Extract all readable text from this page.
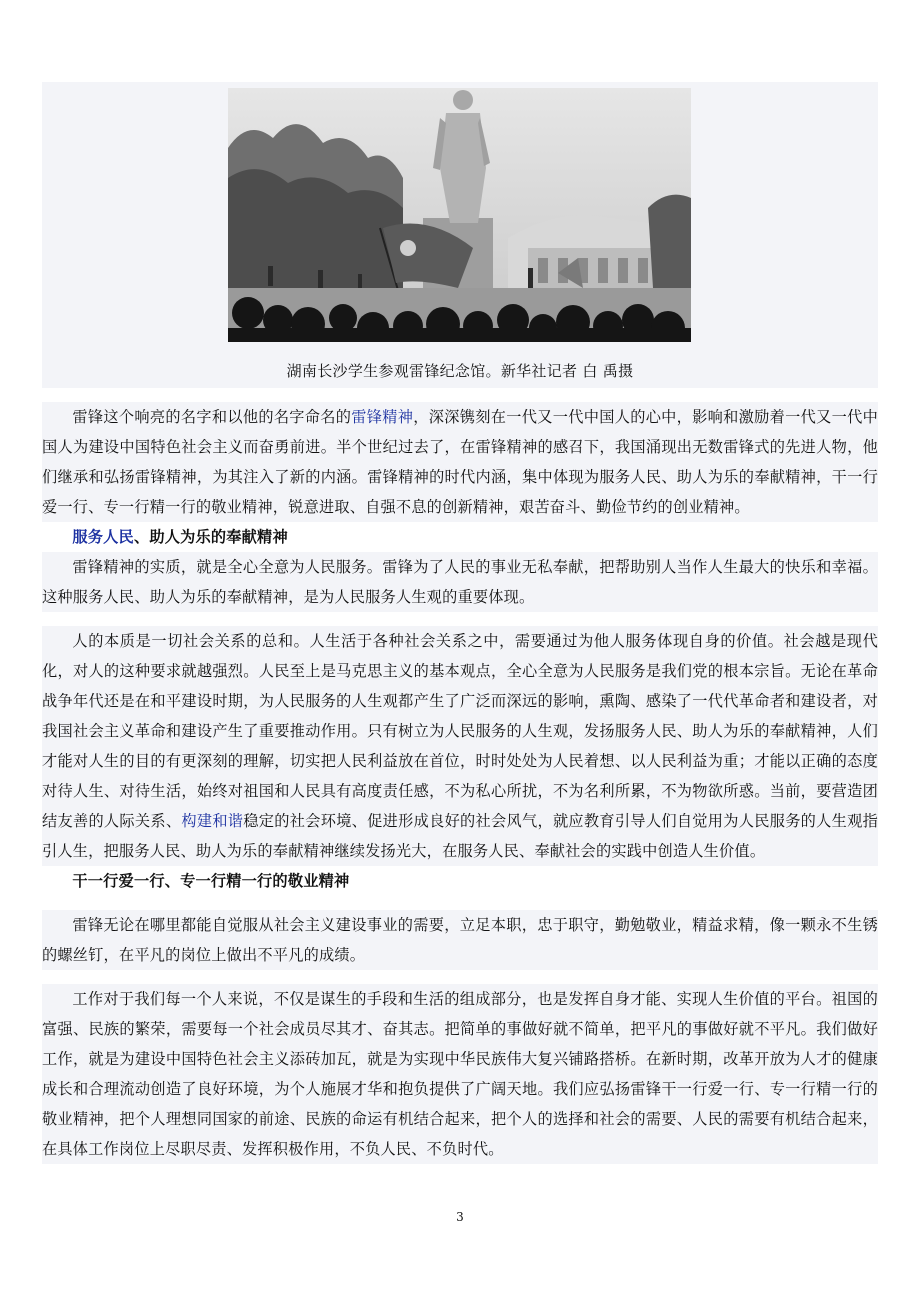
湖南长沙学生参观雷锋纪念馆。新华社记者 白 禹摄

雷锋这个响亮的名字和以他的名字命名的雷锋精神，深深镌刻在一代又一代中国人的心中，影响和激励着一代又一代中国人为建设中国特色社会主义而奋勇前进。半个世纪过去了，在雷锋精神的感召下，我国涌现出无数雷锋式的先进人物，他们继承和弘扬雷锋精神，为其注入了新的内涵。雷锋精神的时代内涵，集中体现为服务人民、助人为乐的奉献精神，干一行爱一行、专一行精一行的敬业精神，锐意进取、自强不息的创新精神，艰苦奋斗、勤俭节约的创业精神。

服务人民、助人为乐的奉献精神

雷锋精神的实质，就是全心全意为人民服务。雷锋为了人民的事业无私奉献，把帮助别人当作人生最大的快乐和幸福。这种服务人民、助人为乐的奉献精神，是为人民服务人生观的重要体现。

人的本质是一切社会关系的总和。人生活于各种社会关系之中，需要通过为他人服务体现自身的价值。社会越是现代化，对人的这种要求就越强烈。人民至上是马克思主义的基本观点，全心全意为人民服务是我们党的根本宗旨。无论在革命战争年代还是在和平建设时期，为人民服务的人生观都产生了广泛而深远的影响，熏陶、感染了一代代革命者和建设者，对我国社会主义革命和建设产生了重要推动作用。只有树立为人民服务的人生观，发扬服务人民、助人为乐的奉献精神，人们才能对人生的目的有更深刻的理解，切实把人民利益放在首位，时时处处为人民着想、以人民利益为重；才能以正确的态度对待人生、对待生活，始终对祖国和人民具有高度责任感，不为私心所扰，不为名利所累，不为物欲所惑。当前，要营造团结友善的人际关系、构建和谐稳定的社会环境、促进形成良好的社会风气，就应教育引导人们自觉用为人民服务的人生观指引人生，把服务人民、助人为乐的奉献精神继续发扬光大，在服务人民、奉献社会的实践中创造人生价值。

干一行爱一行、专一行精一行的敬业精神

雷锋无论在哪里都能自觉服从社会主义建设事业的需要，立足本职，忠于职守，勤勉敬业，精益求精，像一颗永不生锈的螺丝钉，在平凡的岗位上做出不平凡的成绩。

工作对于我们每一个人来说，不仅是谋生的手段和生活的组成部分，也是发挥自身才能、实现人生价值的平台。祖国的富强、民族的繁荣，需要每一个社会成员尽其才、奋其志。把简单的事做好就不简单，把平凡的事做好就不平凡。我们做好工作，就是为建设中国特色社会主义添砖加瓦，就是为实现中华民族伟大复兴铺路搭桥。在新时期，改革开放为人才的健康成长和合理流动创造了良好环境，为个人施展才华和抱负提供了广阔天地。我们应弘扬雷锋干一行爱一行、专一行精一行的敬业精神，把个人理想同国家的前途、民族的命运有机结合起来，把个人的选择和社会的需要、人民的需要有机结合起来，在具体工作岗位上尽职尽责、发挥积极作用，不负人民、不负时代。

3
